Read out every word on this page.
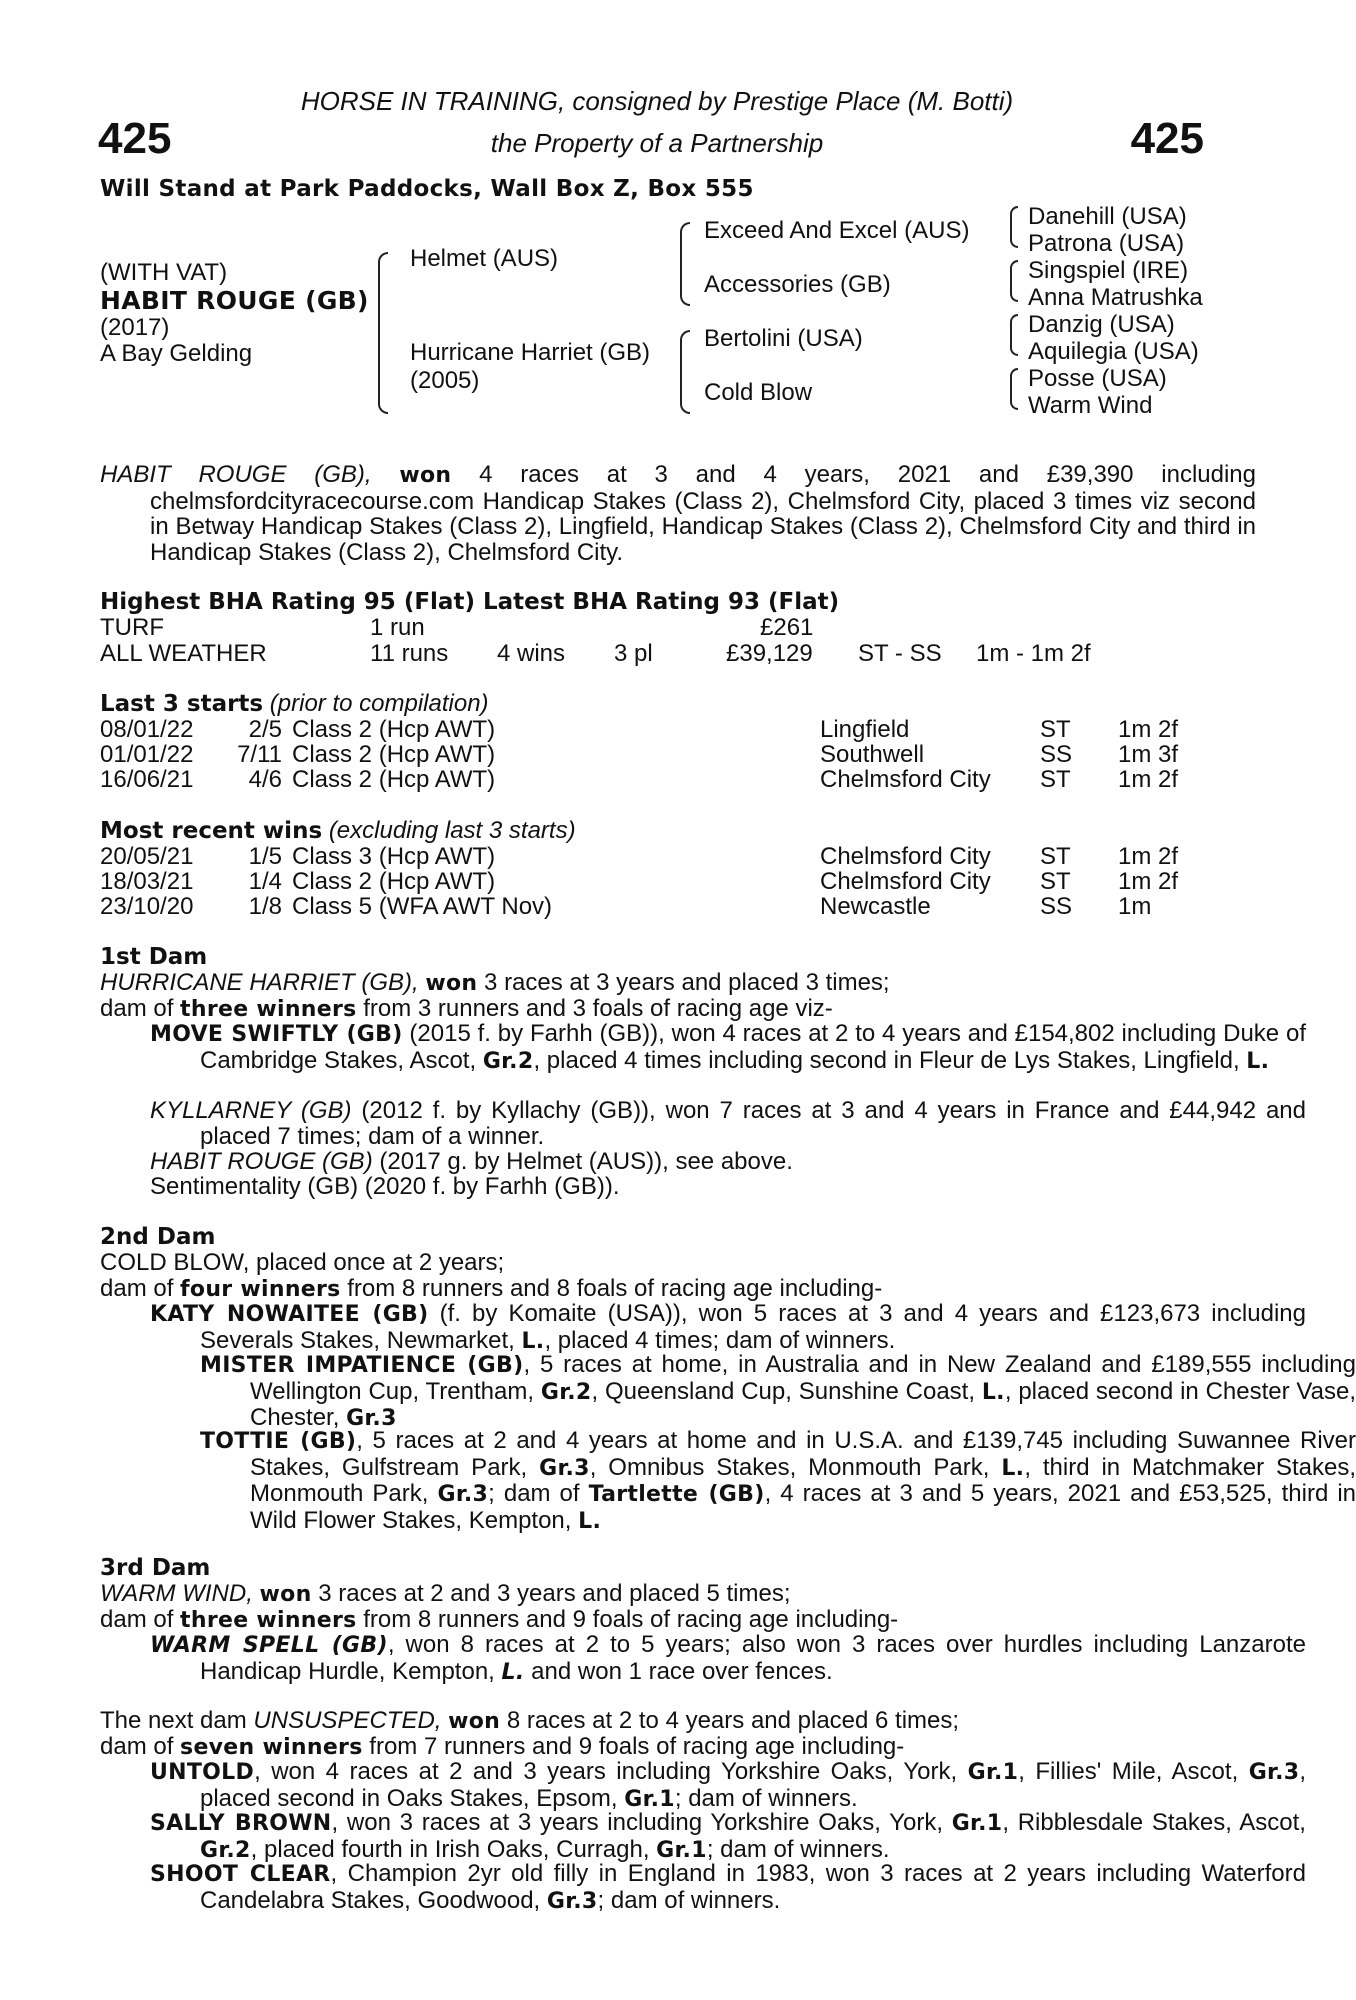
425	425
HORSE IN TRAINING, consigned by Prestige Place (M. Botti)
the Property of a Partnership
Will Stand at Park Paddocks, Wall Box Z, Box 555
(WITH VAT)
HABIT ROUGE (GB)
(2017)
A Bay Gelding
Helmet (AUS)
Hurricane Harriet (GB)
(2005)
Exceed And Excel (AUS)
Accessories (GB)
Bertolini (USA)
Cold Blow
Danehill (USA)
Patrona (USA)
Singspiel (IRE)
Anna Matrushka
Danzig (USA)
Aquilegia (USA)
Posse (USA)
Warm Wind
HABIT ROUGE (GB), won 4 races at 3 and 4 years, 2021 and £39,390 including chelmsfordcityracecourse.com Handicap Stakes (Class 2), Chelmsford City, placed 3 times viz second in Betway Handicap Stakes (Class 2), Lingfield, Handicap Stakes (Class 2), Chelmsford City and third in Handicap Stakes (Class 2), Chelmsford City.
Highest BHA Rating 95 (Flat) Latest BHA Rating 93 (Flat)
TURF	1 run	£261
ALL WEATHER	11 runs 4 wins 3 pl	£39,129 ST - SS 1m - 1m 2f
Last 3 starts (prior to compilation)
08/01/22	2/5 Class 2 (Hcp AWT)	Lingfield	ST 1m 2f
01/01/22	7/11 Class 2 (Hcp AWT)	Southwell	SS 1m 3f
16/06/21	4/6 Class 2 (Hcp AWT)	Chelmsford City ST 1m 2f
Most recent wins (excluding last 3 starts)
20/05/21	1/5 Class 3 (Hcp AWT)	Chelmsford City ST 1m 2f
18/03/21	1/4 Class 2 (Hcp AWT)	Chelmsford City ST 1m 2f
23/10/20	1/8 Class 5 (WFA AWT Nov)	Newcastle	SS 1m
1st Dam
HURRICANE HARRIET (GB), won 3 races at 3 years and placed 3 times;
dam of three winners from 3 runners and 3 foals of racing age viz-
MOVE SWIFTLY (GB) (2015 f. by Farhh (GB)), won 4 races at 2 to 4 years and £154,802 including Duke of Cambridge Stakes, Ascot, Gr.2, placed 4 times including second in Fleur de Lys Stakes, Lingfield, L.
KYLLARNEY (GB) (2012 f. by Kyllachy (GB)), won 7 races at 3 and 4 years in France and £44,942 and placed 7 times; dam of a winner.
HABIT ROUGE (GB) (2017 g. by Helmet (AUS)), see above.
Sentimentality (GB) (2020 f. by Farhh (GB)).
2nd Dam
COLD BLOW, placed once at 2 years;
dam of four winners from 8 runners and 8 foals of racing age including-
KATY NOWAITEE (GB) (f. by Komaite (USA)), won 5 races at 3 and 4 years and £123,673 including Severals Stakes, Newmarket, L., placed 4 times; dam of winners.
MISTER IMPATIENCE (GB), 5 races at home, in Australia and in New Zealand and £189,555 including Wellington Cup, Trentham, Gr.2, Queensland Cup, Sunshine Coast, L., placed second in Chester Vase, Chester, Gr.3
TOTTIE (GB), 5 races at 2 and 4 years at home and in U.S.A. and £139,745 including Suwannee River Stakes, Gulfstream Park, Gr.3, Omnibus Stakes, Monmouth Park, L., third in Matchmaker Stakes, Monmouth Park, Gr.3; dam of Tartlette (GB), 4 races at 3 and 5 years, 2021 and £53,525, third in Wild Flower Stakes, Kempton, L.
3rd Dam
WARM WIND, won 3 races at 2 and 3 years and placed 5 times;
dam of three winners from 8 runners and 9 foals of racing age including-
WARM SPELL (GB), won 8 races at 2 to 5 years; also won 3 races over hurdles including Lanzarote Handicap Hurdle, Kempton, L. and won 1 race over fences.
The next dam UNSUSPECTED, won 8 races at 2 to 4 years and placed 6 times;
dam of seven winners from 7 runners and 9 foals of racing age including-
UNTOLD, won 4 races at 2 and 3 years including Yorkshire Oaks, York, Gr.1, Fillies' Mile, Ascot, Gr.3, placed second in Oaks Stakes, Epsom, Gr.1; dam of winners.
SALLY BROWN, won 3 races at 3 years including Yorkshire Oaks, York, Gr.1, Ribblesdale Stakes, Ascot, Gr.2, placed fourth in Irish Oaks, Curragh, Gr.1; dam of winners.
SHOOT CLEAR, Champion 2yr old filly in England in 1983, won 3 races at 2 years including Waterford Candelabra Stakes, Goodwood, Gr.3; dam of winners.
